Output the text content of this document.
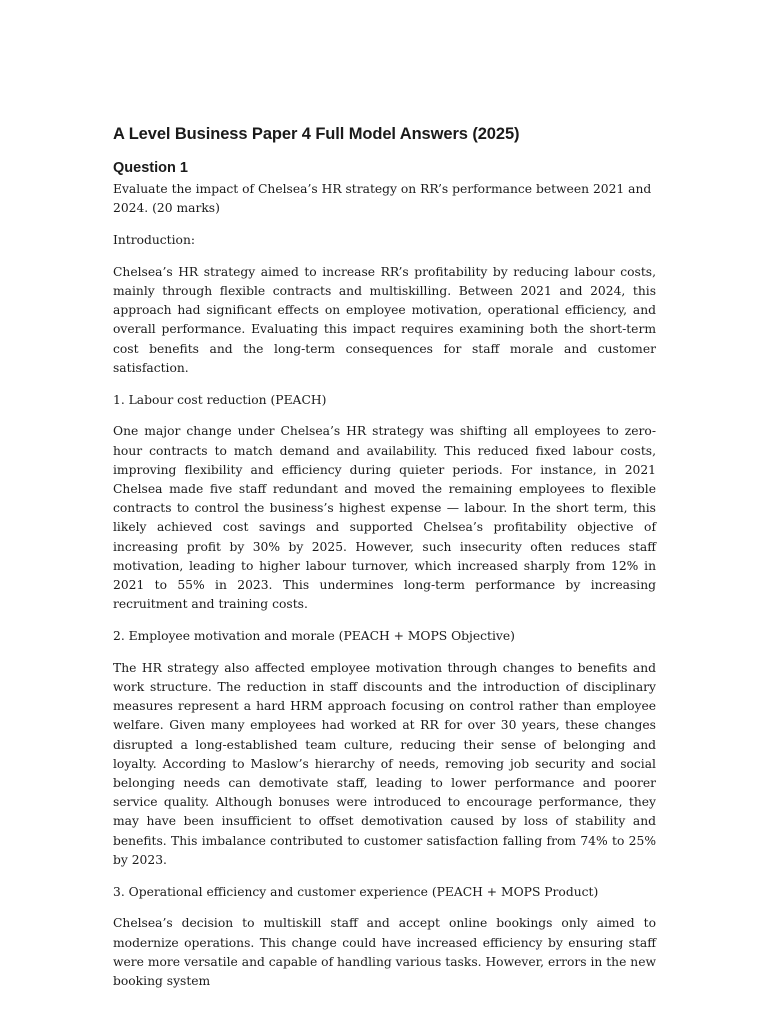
A Level Business Paper 4 Full Model Answers (2025)
Question 1

Evaluate the impact of Chelsea’s HR strategy on RR’s performance between 2021 and 2024. (20 marks)

Introduction:

Chelsea’s HR strategy aimed to increase RR’s profitability by reducing labour costs, mainly through flexible contracts and multiskilling. Between 2021 and 2024, this approach had significant effects on employee motivation, operational efficiency, and overall performance. Evaluating this impact requires examining both the short-term cost benefits and the long-term consequences for staff morale and customer satisfaction.

1. Labour cost reduction (PEACH)

One major change under Chelsea’s HR strategy was shifting all employees to zero-hour contracts to match demand and availability. This reduced fixed labour costs, improving flexibility and efficiency during quieter periods. For instance, in 2021 Chelsea made five staff redundant and moved the remaining employees to flexible contracts to control the business’s highest expense — labour. In the short term, this likely achieved cost savings and supported Chelsea’s profitability objective of increasing profit by 30% by 2025. However, such insecurity often reduces staff motivation, leading to higher labour turnover, which increased sharply from 12% in 2021 to 55% in 2023. This undermines long-term performance by increasing recruitment and training costs.

2. Employee motivation and morale (PEACH + MOPS Objective)

The HR strategy also affected employee motivation through changes to benefits and work structure. The reduction in staff discounts and the introduction of disciplinary measures represent a hard HRM approach focusing on control rather than employee welfare. Given many employees had worked at RR for over 30 years, these changes disrupted a long-established team culture, reducing their sense of belonging and loyalty. According to Maslow’s hierarchy of needs, removing job security and social belonging needs can demotivate staff, leading to lower performance and poorer service quality. Although bonuses were introduced to encourage performance, they may have been insufficient to offset demotivation caused by loss of stability and benefits. This imbalance contributed to customer satisfaction falling from 74% to 25% by 2023.

3. Operational efficiency and customer experience (PEACH + MOPS Product)

Chelsea’s decision to multiskill staff and accept online bookings only aimed to modernize operations. This change could have increased efficiency by ensuring staff were more versatile and capable of handling various tasks. However, errors in the new booking system
